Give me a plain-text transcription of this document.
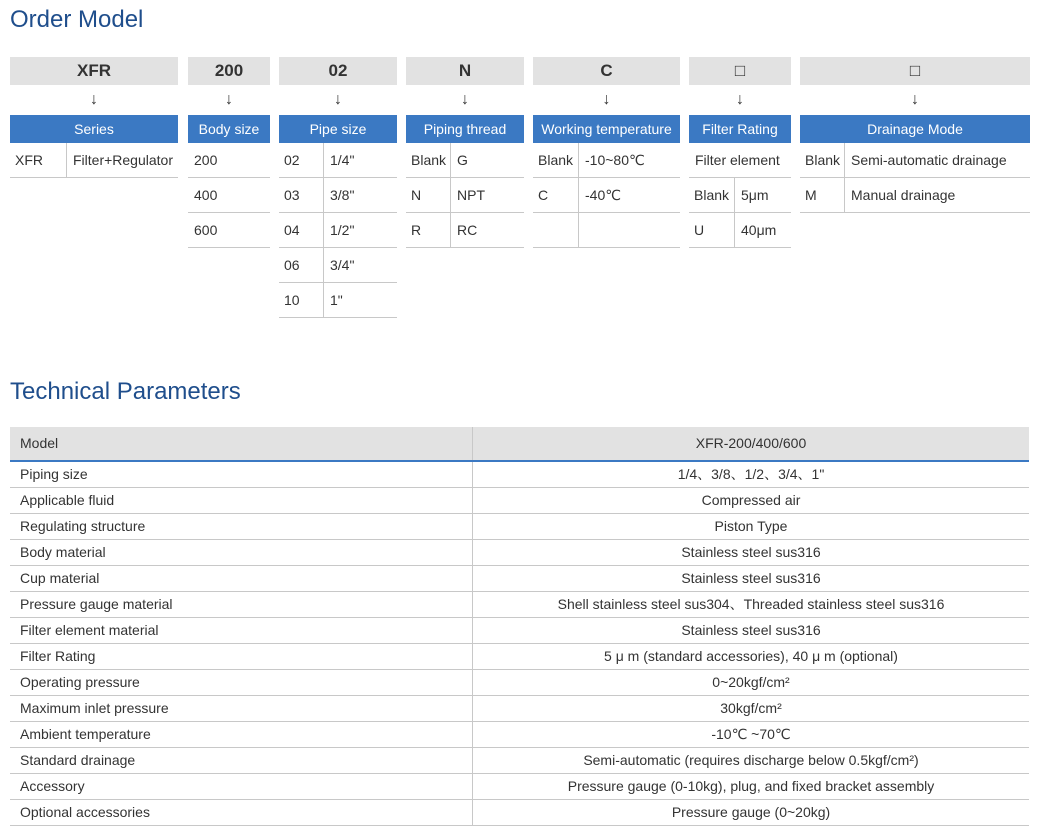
Order Model
XFR
↓
Series
XFR	Filter+Regulator
200
↓
Body size
200
400
600
02
↓
Pipe size
02	1/4"
03	3/8"
04	1/2"
06	3/4"
10	1"
N
↓
Piping thread
Blank G
N	NPT
R	RC
C
↓
Working temperature
Blank -10~80℃
C	-40℃
□
↓
Filter Rating
Filter element
Blank 5μm
U	40μm
□
↓
Drainage Mode
Blank Semi-automatic drainage
M	Manual drainage
Technical Parameters
Model	XFR-200/400/600
Piping size	1/4、3/8、1/2、3/4、1"
Applicable fluid	Compressed air
Regulating structure	Piston Type
Body material	Stainless steel sus316
Cup material	Stainless steel sus316
Pressure gauge material	Shell stainless steel sus304、Threaded stainless steel sus316
Filter element material	Stainless steel sus316
Filter Rating	5 μ m (standard accessories), 40 μ m (optional)
Operating pressure	0~20kgf/cm²
Maximum inlet pressure	30kgf/cm²
Ambient temperature	-10℃ ~70℃
Standard drainage	Semi-automatic (requires discharge below 0.5kgf/cm²)
Accessory	Pressure gauge (0-10kg), plug, and fixed bracket assembly
Optional accessories	Pressure gauge (0~20kg)
